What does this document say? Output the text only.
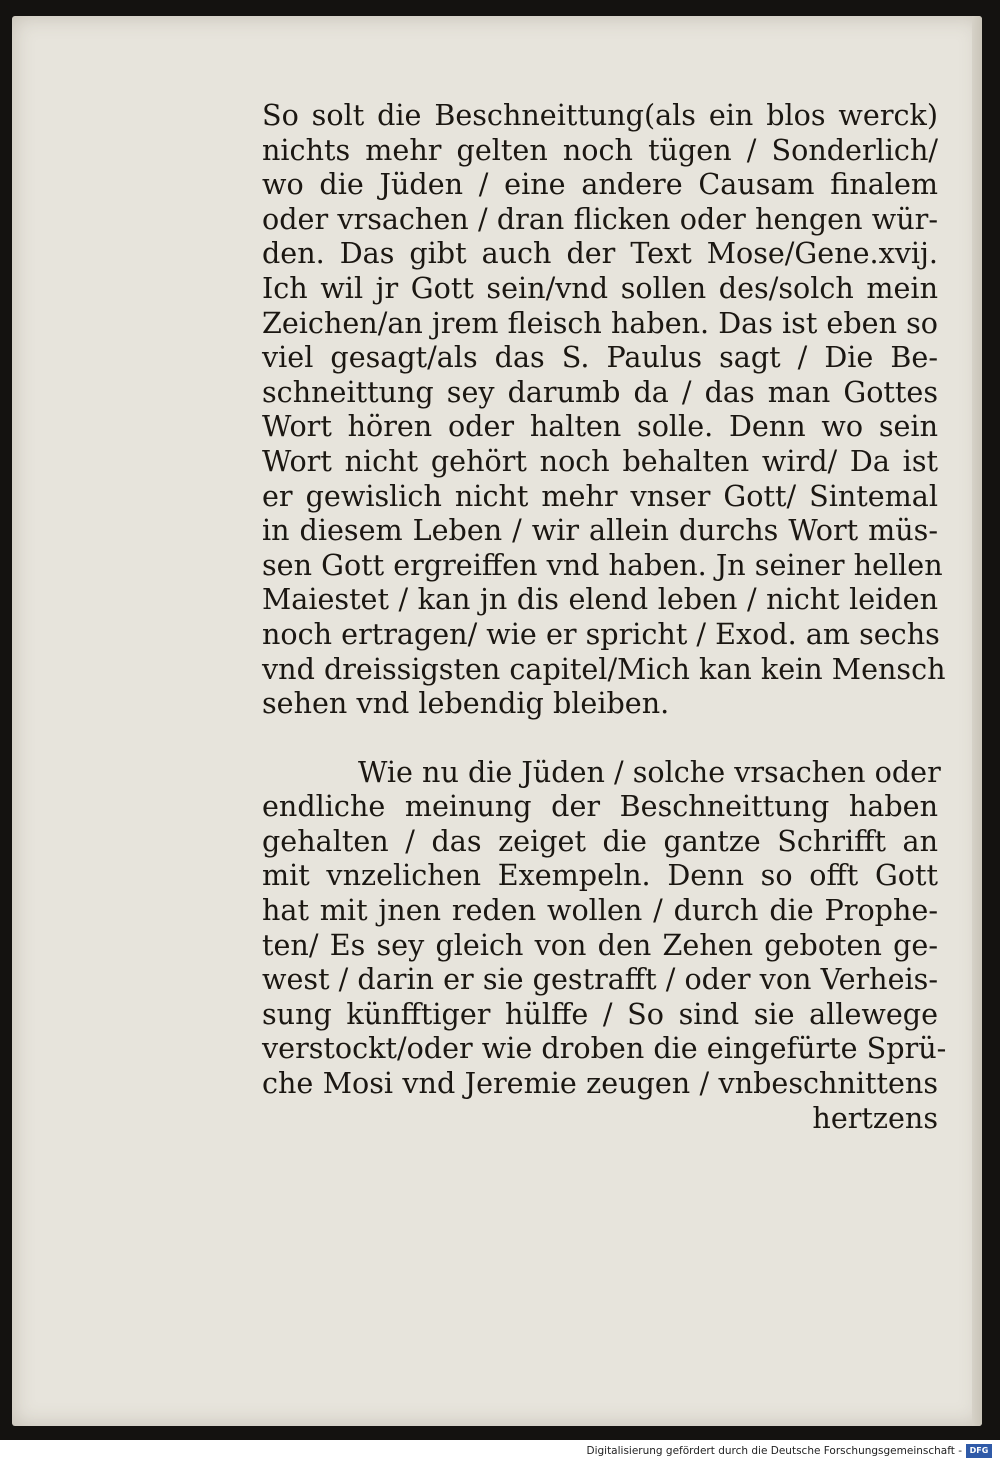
So solt die Beschneittung(als ein blos werck)
nichts mehr gelten noch tügen / Sonderlich/
wo die Jüden / eine andere Causam finalem
oder vrsachen / dran flicken oder hengen wür-
den. Das gibt auch der Text Mose/Gene.xvij.
Ich wil jr Gott sein/vnd sollen des/solch mein
Zeichen/an jrem fleisch haben. Das ist eben so
viel gesagt/als das S. Paulus sagt / Die Be-
schneittung sey darumb da / das man Gottes
Wort hören oder halten solle. Denn wo sein
Wort nicht gehört noch behalten wird/ Da ist
er gewislich nicht mehr vnser Gott/ Sintemal
in diesem Leben / wir allein durchs Wort müs-
sen Gott ergreiffen vnd haben. Jn seiner hellen
Maiestet / kan jn dis elend leben / nicht leiden
noch ertragen/ wie er spricht / Exod. am sechs
vnd dreissigsten capitel/Mich kan kein Mensch
sehen vnd lebendig bleiben.
Wie nu die Jüden / solche vrsachen oder
endliche meinung der Beschneittung haben
gehalten / das zeiget die gantze Schrifft an
mit vnzelichen Exempeln. Denn so offt Gott
hat mit jnen reden wollen / durch die Prophe-
ten/ Es sey gleich von den Zehen geboten ge-
west / darin er sie gestrafft / oder von Verheis-
sung künfftiger hülffe / So sind sie allewege
verstockt/oder wie droben die eingefürte Sprü-
che Mosi vnd Jeremie zeugen / vnbeschnittens
hertzens
Digitalisierung gefördert durch die Deutsche Forschungsgemeinschaft - DFG
